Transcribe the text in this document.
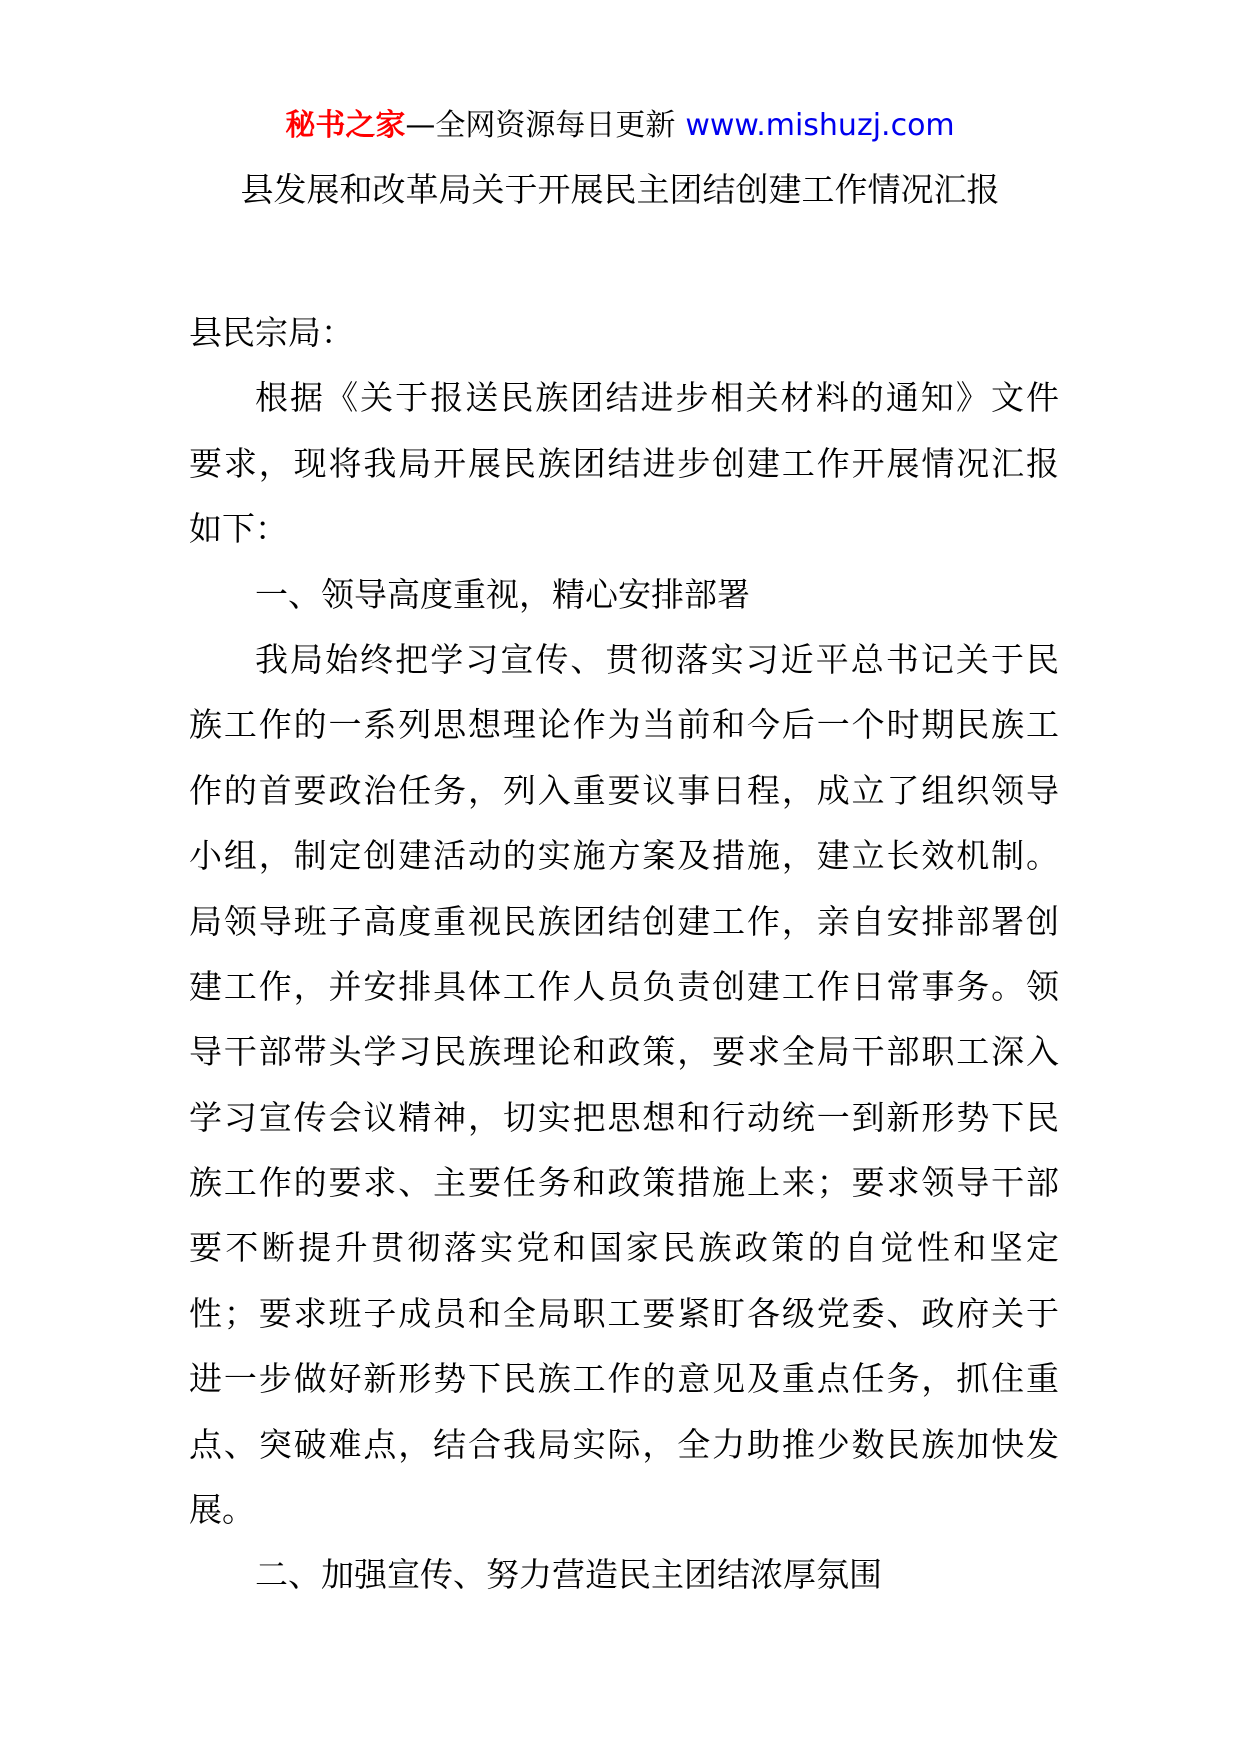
秘书之家—全网资源每日更新 www.mishuzj.com
县发展和改革局关于开展民主团结创建工作情况汇报
县民宗局：
根据《关于报送民族团结进步相关材料的通知》文件
要求，现将我局开展民族团结进步创建工作开展情况汇报
如下：
一、领导高度重视，精心安排部署
我局始终把学习宣传、贯彻落实习近平总书记关于民
族工作的一系列思想理论作为当前和今后一个时期民族工
作的首要政治任务，列入重要议事日程，成立了组织领导
小组，制定创建活动的实施方案及措施，建立长效机制。
局领导班子高度重视民族团结创建工作，亲自安排部署创
建工作，并安排具体工作人员负责创建工作日常事务。领
导干部带头学习民族理论和政策，要求全局干部职工深入
学习宣传会议精神，切实把思想和行动统一到新形势下民
族工作的要求、主要任务和政策措施上来；要求领导干部
要不断提升贯彻落实党和国家民族政策的自觉性和坚定
性；要求班子成员和全局职工要紧盯各级党委、政府关于
进一步做好新形势下民族工作的意见及重点任务，抓住重
点、突破难点，结合我局实际，全力助推少数民族加快发
展。
二、加强宣传、努力营造民主团结浓厚氛围
